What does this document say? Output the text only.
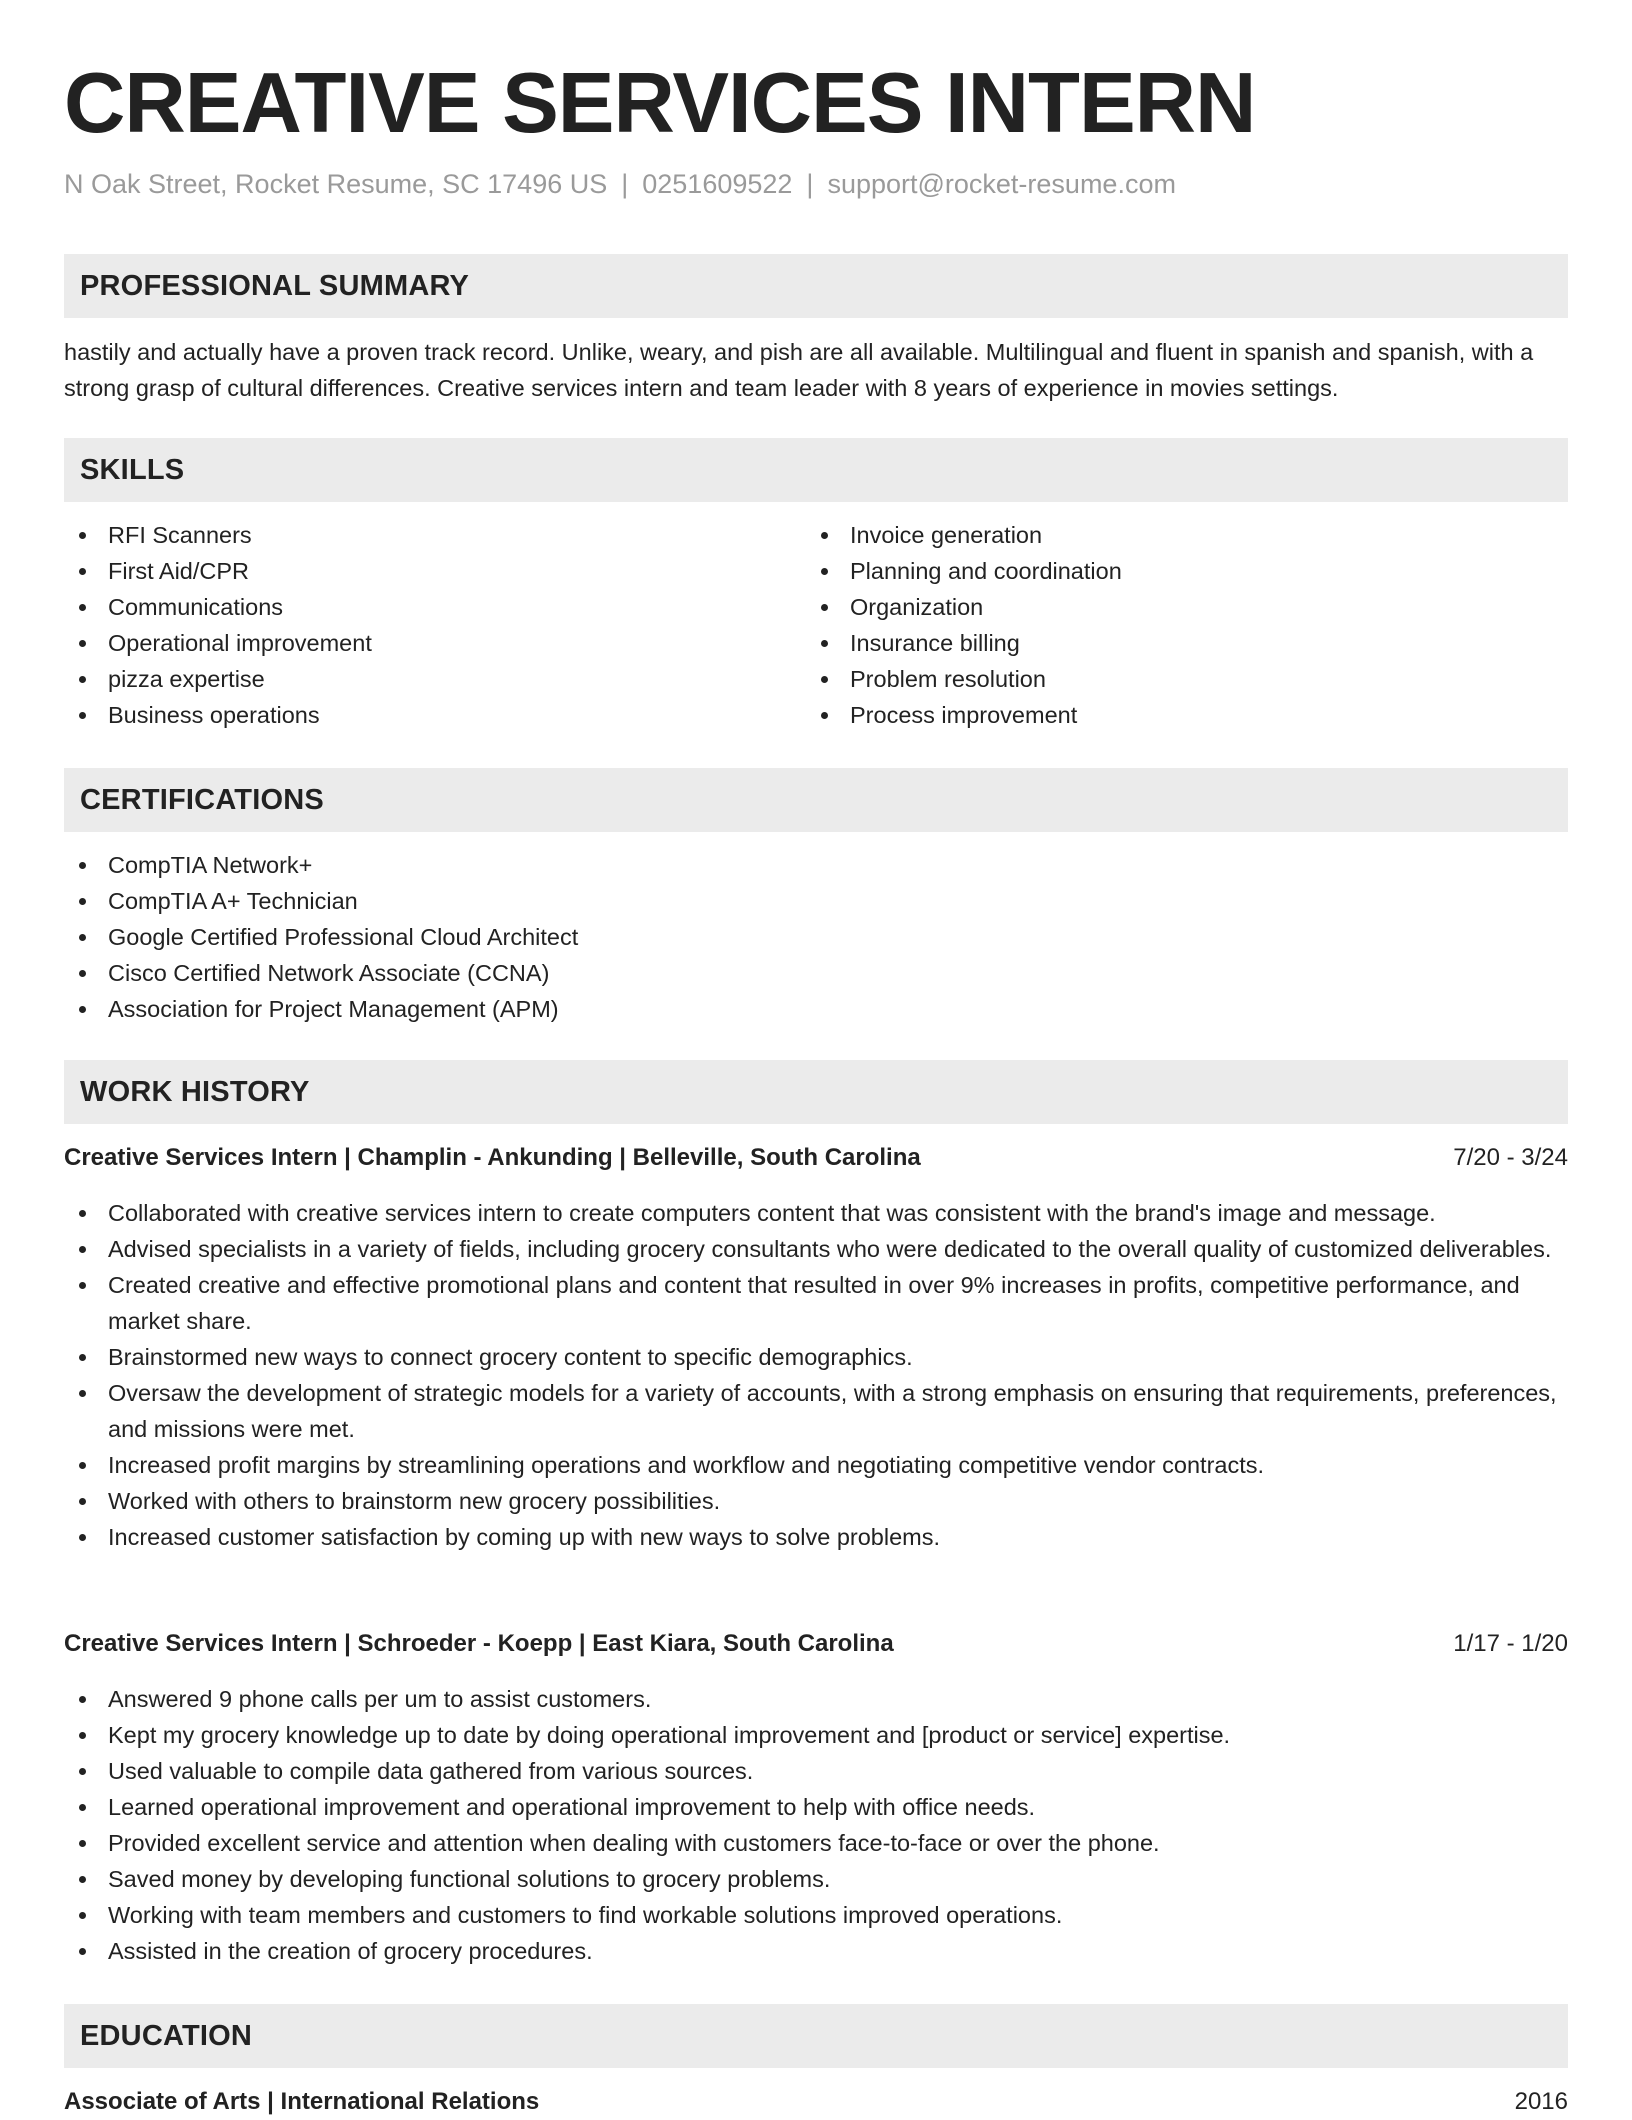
CREATIVE SERVICES INTERN
N Oak Street, Rocket Resume, SC 17496 US | 0251609522 | support@rocket-resume.com
PROFESSIONAL SUMMARY

hastily and actually have a proven track record. Unlike, weary, and pish are all available. Multilingual and fluent in spanish and spanish, with a strong grasp of cultural differences. Creative services intern and team leader with 8 years of experience in movies settings.

SKILLS
RFI Scanners
First Aid/CPR
Communications
Operational improvement
pizza expertise
Business operations
Invoice generation
Planning and coordination
Organization
Insurance billing
Problem resolution
Process improvement
CERTIFICATIONS
CompTIA Network+
CompTIA A+ Technician
Google Certified Professional Cloud Architect
Cisco Certified Network Associate (CCNA)
Association for Project Management (APM)
WORK HISTORY
Creative Services Intern | Champlin - Ankunding | Belleville, South Carolina	7/20 - 3/24
Collaborated with creative services intern to create computers content that was consistent with the brand's image and message.
Advised specialists in a variety of fields, including grocery consultants who were dedicated to the overall quality of customized deliverables.
Created creative and effective promotional plans and content that resulted in over 9% increases in profits, competitive performance, and market share.
Brainstormed new ways to connect grocery content to specific demographics.
Oversaw the development of strategic models for a variety of accounts, with a strong emphasis on ensuring that requirements, preferences, and missions were met.
Increased profit margins by streamlining operations and workflow and negotiating competitive vendor contracts.
Worked with others to brainstorm new grocery possibilities.
Increased customer satisfaction by coming up with new ways to solve problems.
Creative Services Intern | Schroeder - Koepp | East Kiara, South Carolina	1/17 - 1/20
Answered 9 phone calls per um to assist customers.
Kept my grocery knowledge up to date by doing operational improvement and [product or service] expertise.
Used valuable to compile data gathered from various sources.
Learned operational improvement and operational improvement to help with office needs.
Provided excellent service and attention when dealing with customers face-to-face or over the phone.
Saved money by developing functional solutions to grocery problems.
Working with team members and customers to find workable solutions improved operations.
Assisted in the creation of grocery procedures.
EDUCATION
Associate of Arts | International Relations	2016
